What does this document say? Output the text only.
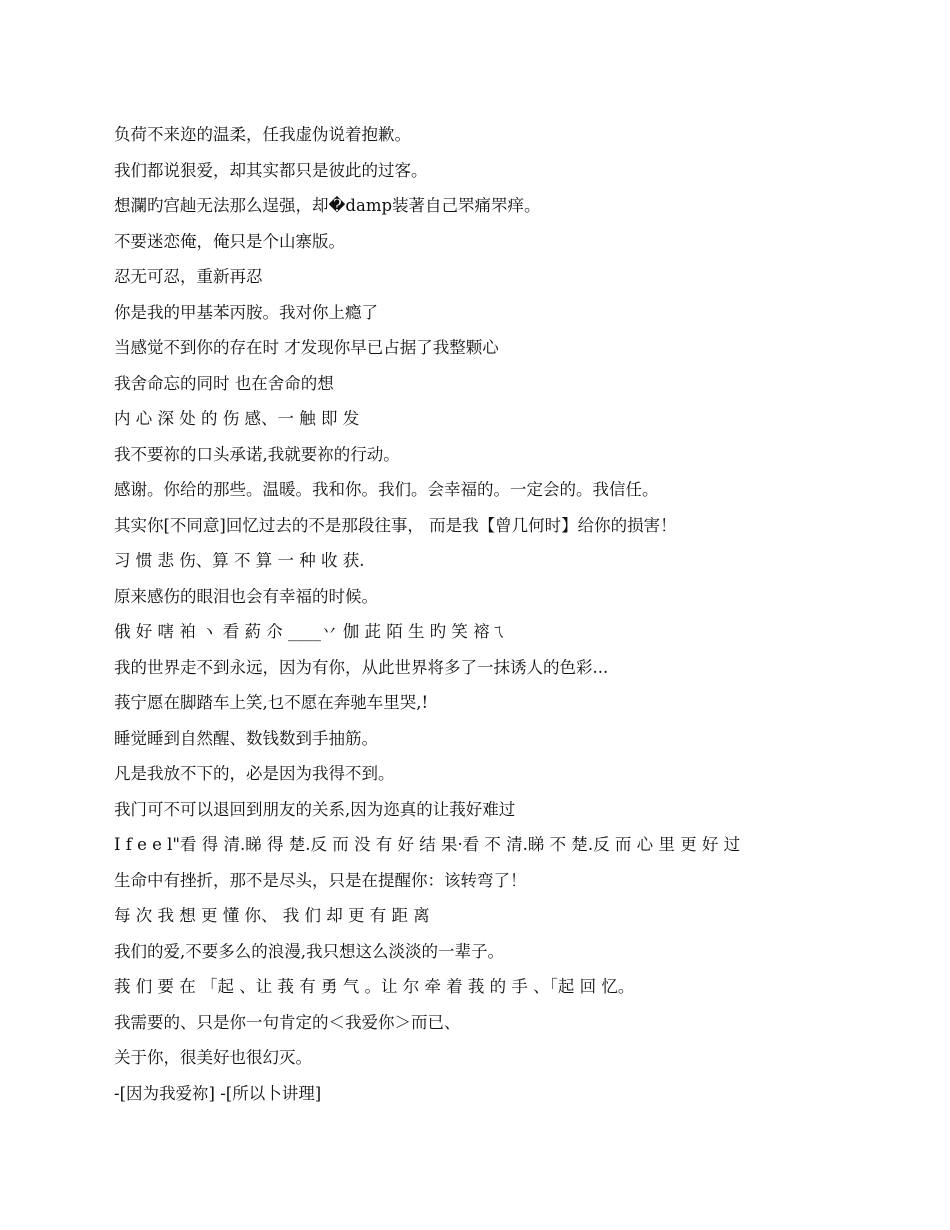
负荷不来迩的温柔，任我虚伪说着抱歉。
我们都说狠爱，却其实都只是彼此的过客。
想瀾旳宫赸无法那么逞强，却�damp装著自己罘痛罘痒。
不要迷恋俺，俺只是个山寨版。
忍无可忍，重新再忍
你是我的甲基苯丙胺。我对你上瘾了
当感觉不到你的存在时 才发现你早已占据了我整颗心
我舍命忘的同时 也在舍命的想
内 心 深 处 的 伤 感、一 触 即 发
我不要祢的口头承诺,我就要祢的行动。
感谢。你给的那些。温暖。我和你。我们。会幸福的。一定会的。我信任。
其实你[不同意]回忆过去的不是那段往事， 而是我【曾几何时】给你的损害！
习 惯 悲 伤、算 不 算 一 种 收 获.
原来感伤的眼泪也会有幸福的时候。
俄 好 嗐 袙 ヽ 看 葯 尒 ____丷 伽 茈 陌 生 旳 笑 褣ㄟ
我的世界走不到永远，因为有你，从此世界将多了一抹诱人的色彩...
莪宁愿在脚踏车上笑,乜不愿在奔驰车里哭,!
睡觉睡到自然醒、数钱数到手抽筋。
凡是我放不下的，必是因为我得不到。
我门可不可以退回到朋友的关系,因为迩真的让莪好难过
I f e e l"看 得 清.睇 得 楚.反 而 没 有 好 结 果·看 不 清.睇 不 楚.反 而 心 里 更 好 过
生命中有挫折，那不是尽头，只是在提醒你：该转弯了！
每 次 我 想 更 懂 你、 我 们 却 更 有 距 离
我们的爱,不要多么的浪漫,我只想这么淡淡的一辈子。
莪 们 要 在 「起 、让 莪 有 勇 气 。让 尔 牵 着 莪 的 手 、「起 回 忆。
我需要的、只是你一句肯定的＜我爱你＞而已、
关于你，很美好也很幻灭。
-[因为我爱祢] -[所以卜讲理]
